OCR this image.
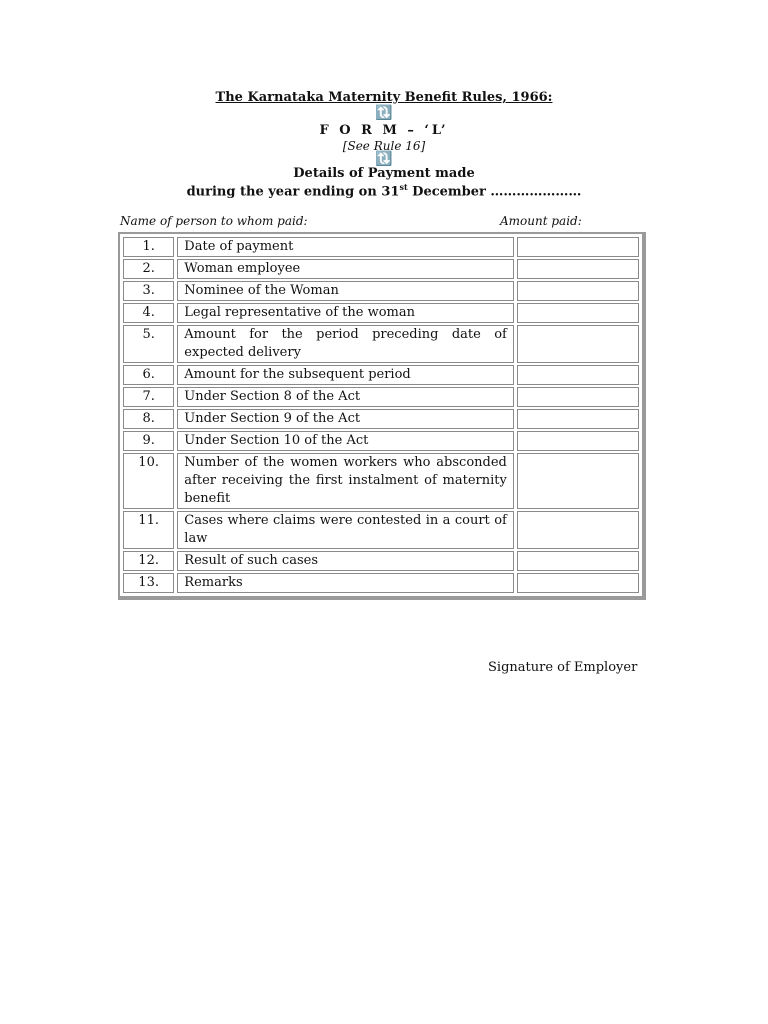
The Karnataka Maternity Benefit Rules, 1966:
🔃
F O R M – ‘L’
[See Rule 16]
🔃
Details of Payment made
during the year ending on 31st December …………………
Name of person to whom paid:	Amount paid:
1.	Date of payment	
2.	Woman employee	
3.	Nominee of the Woman	
4.	Legal representative of the woman	
5.	Amount for the period preceding date of expected delivery	
6.	Amount for the subsequent period	
7.	Under Section 8 of the Act	
8.	Under Section 9 of the Act	
9.	Under Section 10 of the Act	
10.	Number of the women workers who absconded after receiving the first instalment of maternity benefit	
11.	Cases where claims were contested in a court of law	
12.	Result of such cases	
13.	Remarks	
Signature of Employer
